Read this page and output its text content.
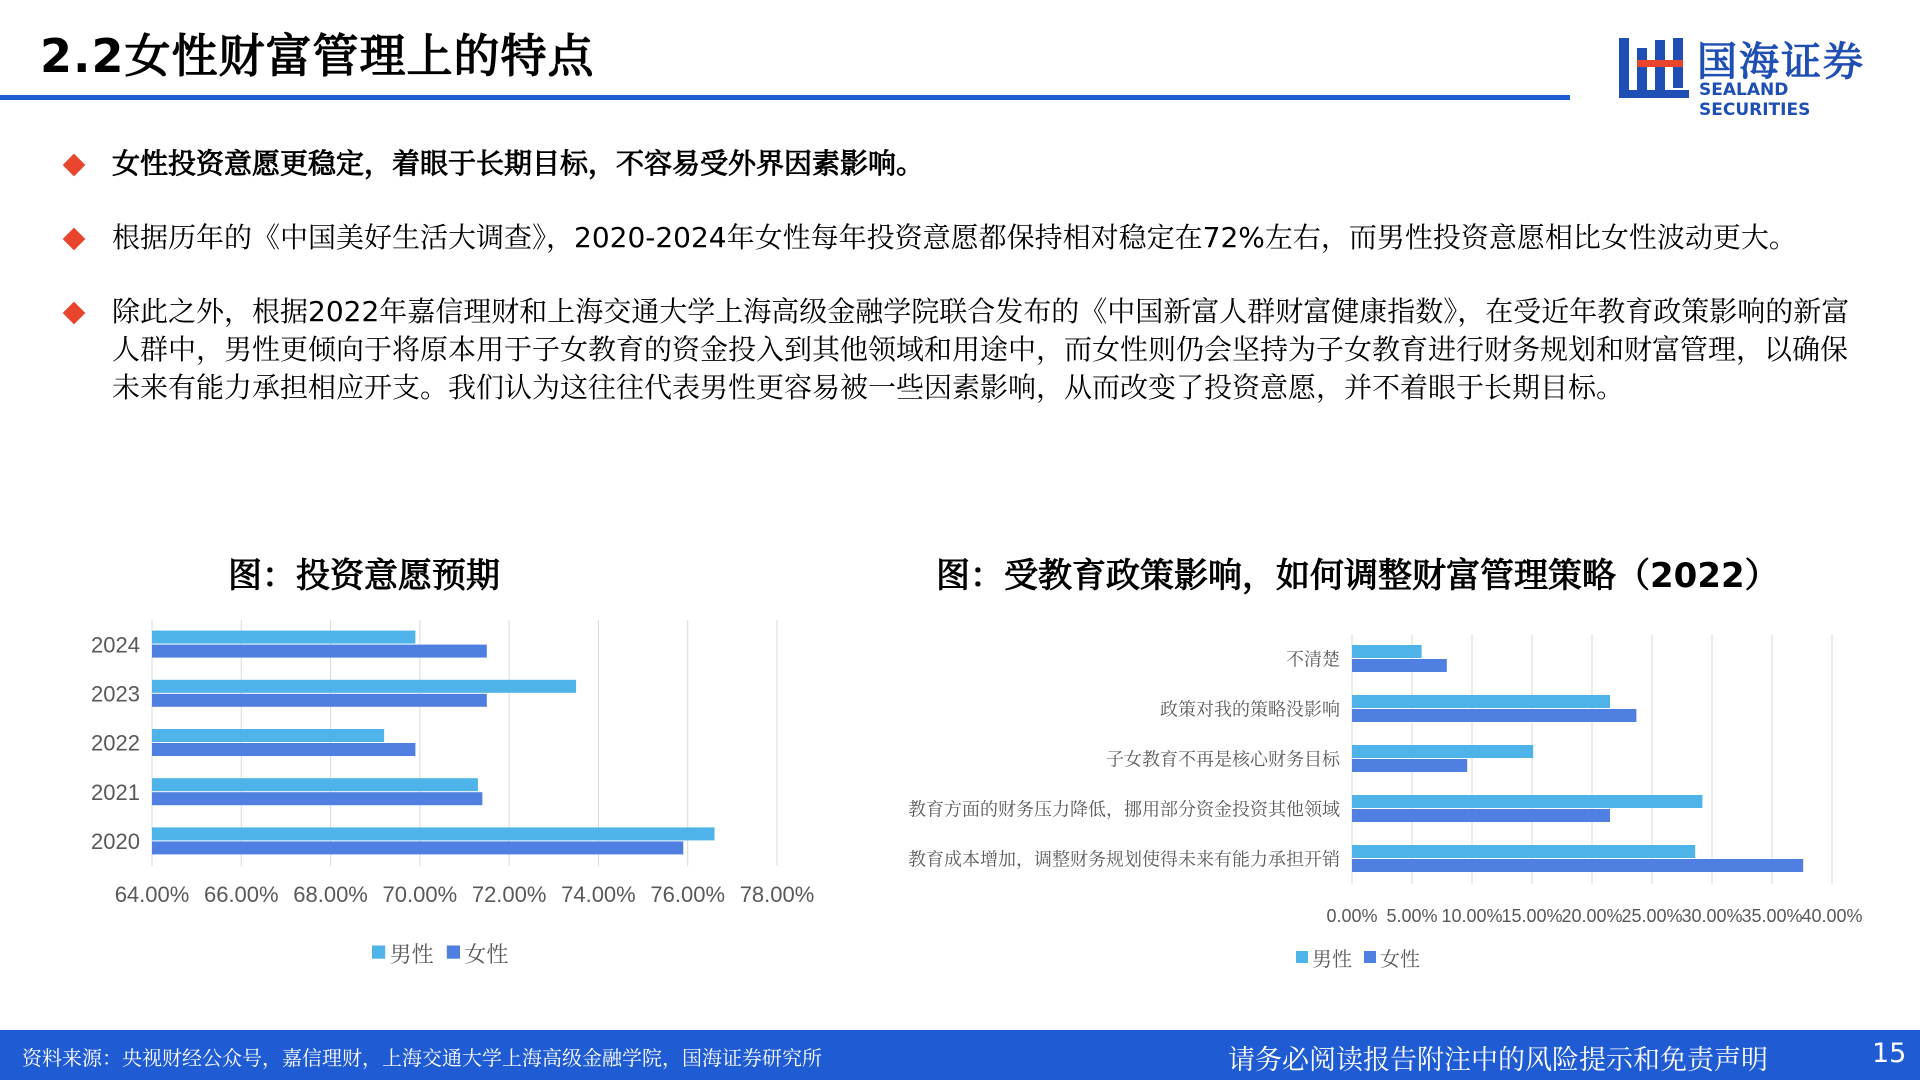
2.2女性财富管理上的特点	国海证券
SEALAND SECURITIES
女性投资意愿更稳定，着眼于长期目标，不容易受外界因素影响。
根据历年的《中国美好生活大调查》，2020-2024年女性每年投资意愿都保持相对稳定在72%左右，而男性投资意愿相比女性波动更大。
除此之外，根据2022年嘉信理财和上海交通大学上海高级金融学院联合发布的《中国新富人群财富健康指数》，在受近年教育政策影响的新富人群中，男性更倾向于将原本用于子女教育的资金投入到其他领域和用途中，而女性则仍会坚持为子女教育进行财务规划和财富管理，以确保未来有能力承担相应开支。我们认为这往往代表男性更容易被一些因素影响，从而改变了投资意愿，并不着眼于长期目标。
图：投资意愿预期	图：受教育政策影响，如何调整财富管理策略（2022）
64.00% 66.00% 68.00% 70.00% 72.00% 74.00% 76.00% 78.00%
2024
2023
2022
2021
2020
男性 女性
0.00% 5.00% 10.00%
15.00%
20.00%
25.00%
30.00%
35.00%
40.00%
不清楚
政策对我的策略没影响
子女教育不再是核心财务目标
教育方面的财务压力降低，挪用部分资金投资其他领域
教育成本增加，调整财务规划使得未来有能力承担开销
男性 女性
资料来源：央视财经公众号，嘉信理财，上海交通大学上海高级金融学院，国海证券研究所	请务必阅读报告附注中的风险提示和免责声明	15
